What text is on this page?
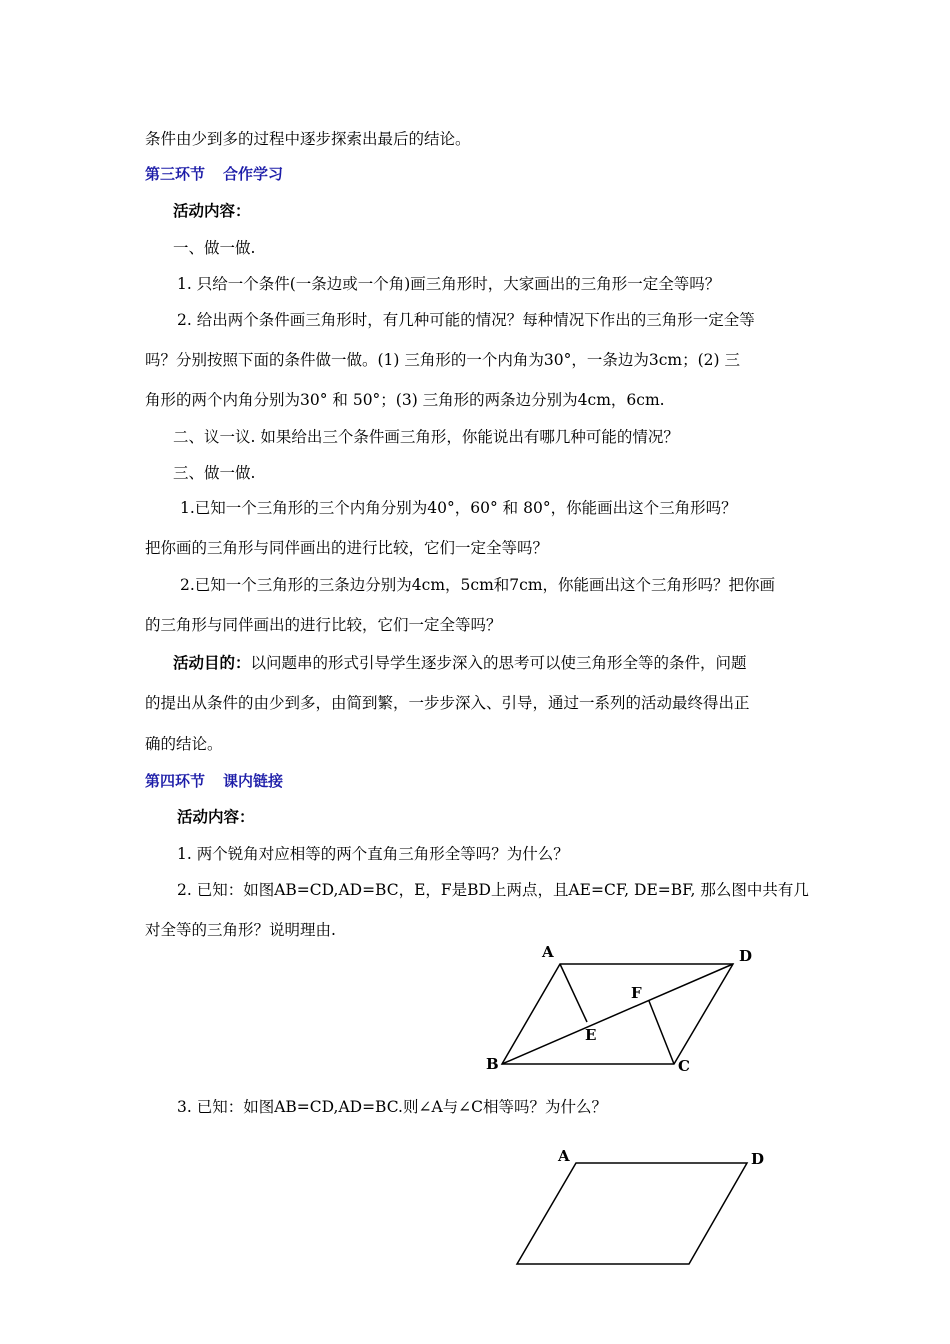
条件由少到多的过程中逐步探索出最后的结论。
第三环节 合作学习
活动内容：
一、做一做.
1. 只给一个条件(一条边或一个角)画三角形时，大家画出的三角形一定全等吗？
2. 给出两个条件画三角形时，有几种可能的情况？每种情况下作出的三角形一定全等
吗？分别按照下面的条件做一做。(1) 三角形的一个内角为30°，一条边为3cm；(2) 三
角形的两个内角分别为30° 和 50°；(3) 三角形的两条边分别为4cm，6cm.
二、议一议. 如果给出三个条件画三角形，你能说出有哪几种可能的情况？
三、做一做.
1.已知一个三角形的三个内角分别为40°，60° 和 80°，你能画出这个三角形吗？
把你画的三角形与同伴画出的进行比较，它们一定全等吗？
2.已知一个三角形的三条边分别为4cm，5cm和7cm，你能画出这个三角形吗？把你画
的三角形与同伴画出的进行比较，它们一定全等吗？
活动目的：以问题串的形式引导学生逐步深入的思考可以使三角形全等的条件，问题
的提出从条件的由少到多，由简到繁，一步步深入、引导，通过一系列的活动最终得出正
确的结论。
第四环节 课内链接
活动内容：
1. 两个锐角对应相等的两个直角三角形全等吗？为什么？
2. 已知：如图AB=CD,AD=BC，E，F是BD上两点，且AE=CF, DE=BF, 那么图中共有几
对全等的三角形？说明理由.
3. 已知：如图AB=CD,AD=BC.则∠A与∠C相等吗？为什么？
A	D
F
E
B	C
A	D
